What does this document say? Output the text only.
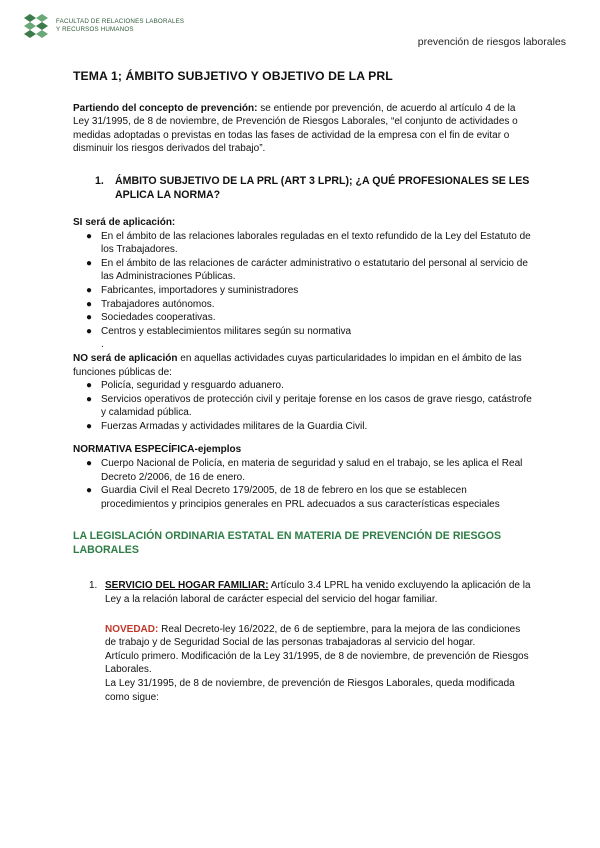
FACULTAD DE RELACIONES LABORALES
Y RECURSOS HUMANOS
prevención de riesgos laborales
TEMA 1; ÁMBITO SUBJETIVO Y OBJETIVO DE LA PRL

Partiendo del concepto de prevención: se entiende por prevención, de acuerdo al artículo 4 de la Ley 31/1995, de 8 de noviembre, de Prevención de Riesgos Laborales, “el conjunto de actividades o medidas adoptadas o previstas en todas las fases de actividad de la empresa con el fin de evitar o disminuir los riesgos derivados del trabajo”.

1.	ÁMBITO SUBJETIVO DE LA PRL (ART 3 LPRL); ¿A QUÉ PROFESIONALES SE LES APLICA LA NORMA?

SI será de aplicación:

● En el ámbito de las relaciones laborales reguladas en el texto refundido de la Ley del Estatuto de los Trabajadores.
● En el ámbito de las relaciones de carácter administrativo o estatutario del personal al servicio de las Administraciones Públicas.
● Fabricantes, importadores y suministradores
● Trabajadores autónomos.
● Sociedades cooperativas.
● Centros y establecimientos militares según su normativa
.

NO será de aplicación en aquellas actividades cuyas particularidades lo impidan en el ámbito de las funciones públicas de:

● Policía, seguridad y resguardo aduanero.
● Servicios operativos de protección civil y peritaje forense en los casos de grave riesgo, catástrofe y calamidad pública.
● Fuerzas Armadas y actividades militares de la Guardia Civil.

NORMATIVA ESPECÍFICA-ejemplos

● Cuerpo Nacional de Policía, en materia de seguridad y salud en el trabajo, se les aplica el Real Decreto 2/2006, de 16 de enero.
● Guardia Civil el Real Decreto 179/2005, de 18 de febrero en los que se establecen procedimientos y principios generales en PRL adecuados a sus características especiales
LA LEGISLACIÓN ORDINARIA ESTATAL EN MATERIA DE PREVENCIÓN DE RIESGOS LABORALES
1. SERVICIO DEL HOGAR FAMILIAR: Artículo 3.4 LPRL ha venido excluyendo la aplicación de la Ley a la relación laboral de carácter especial del servicio del hogar familiar.

NOVEDAD: Real Decreto-ley 16/2022, de 6 de septiembre, para la mejora de las condiciones de trabajo y de Seguridad Social de las personas trabajadoras al servicio del hogar.

Artículo primero. Modificación de la Ley 31/1995, de 8 de noviembre, de prevención de Riesgos Laborales.

La Ley 31/1995, de 8 de noviembre, de prevención de Riesgos Laborales, queda modificada como sigue:
